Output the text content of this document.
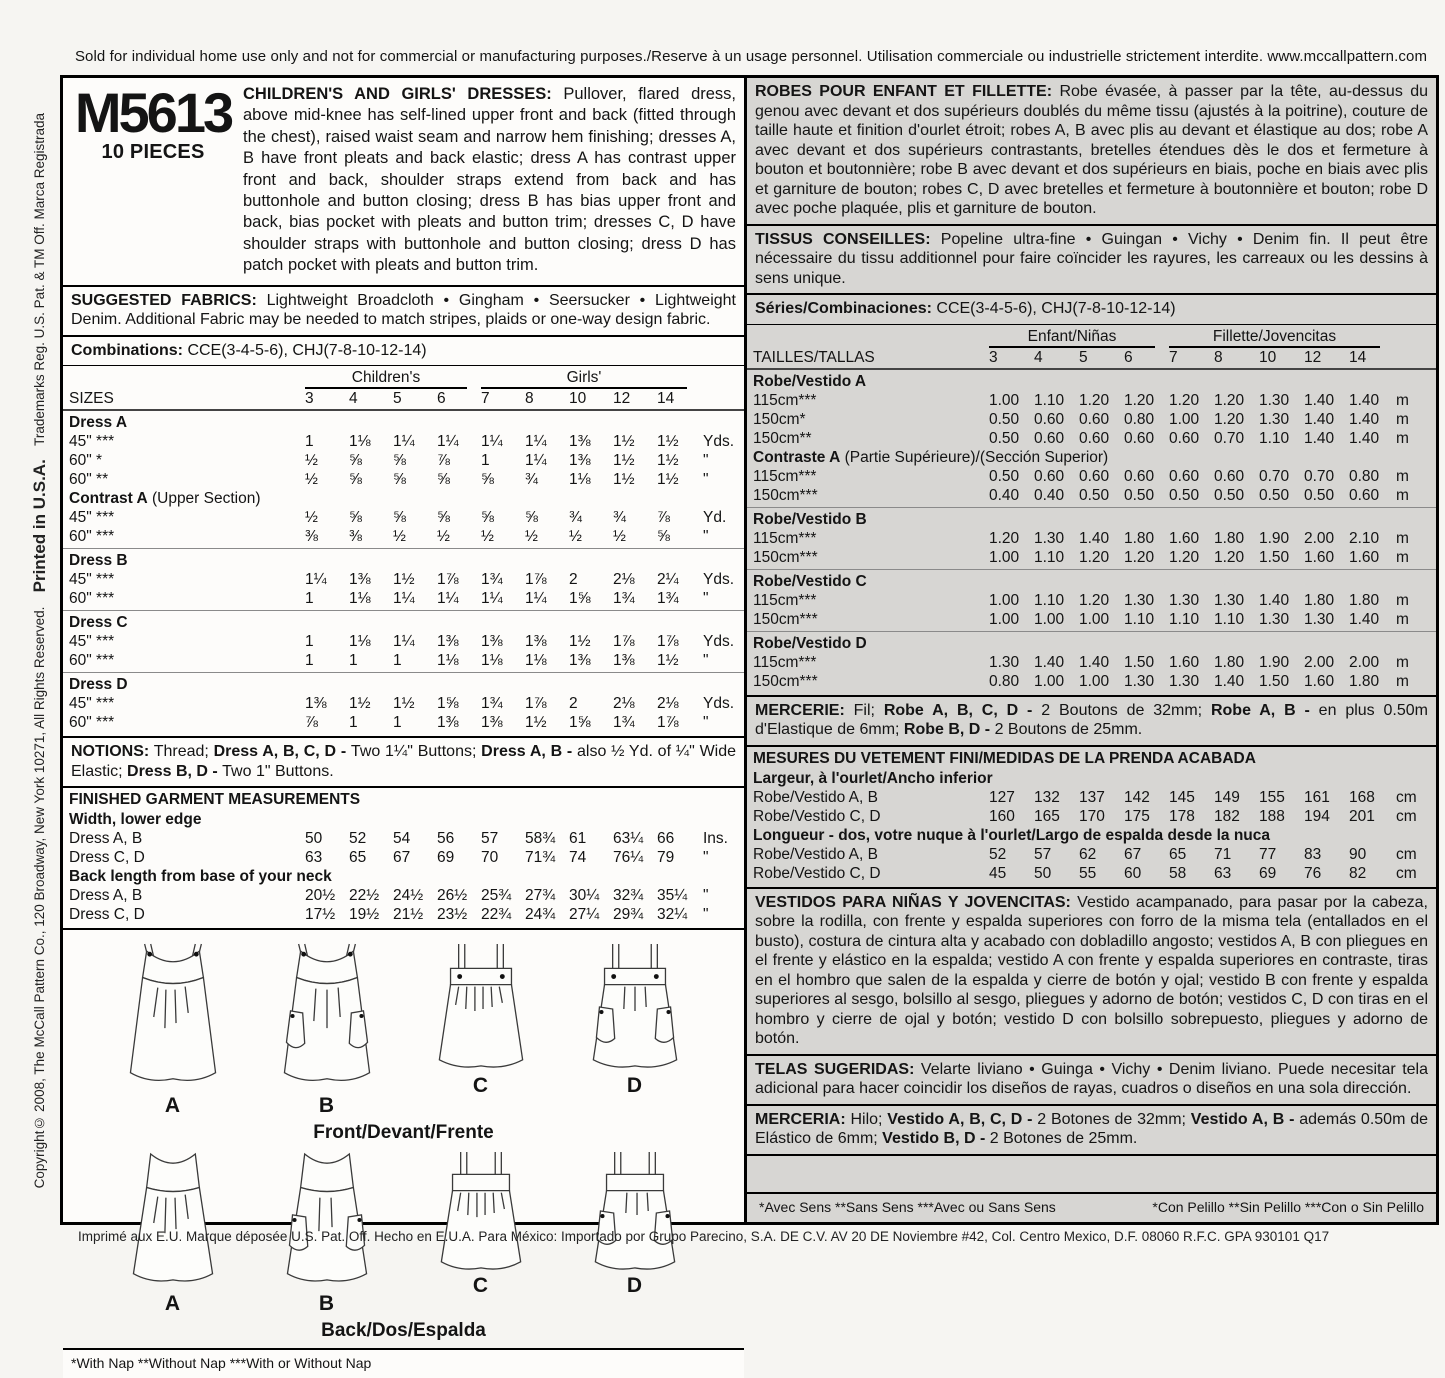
Sold for individual home use only and not for commercial or manufacturing purposes./Reserve à un usage personnel. Utilisation commerciale ou industrielle strictement interdite. www.mccallpattern.com
Copyright© 2008, The McCall Pattern Co., 120 Broadway, New York 10271, All Rights Reserved. Printed in U.S.A. Trademarks Reg. U.S. Pat. & TM Off. Marca Registrada
M5613
10 PIECES
CHILDREN'S AND GIRLS' DRESSES: Pullover, flared dress, above mid-knee has self-lined upper front and back (fitted through the chest), raised waist seam and narrow hem finishing; dresses A, B have front pleats and back elastic; dress A has contrast upper front and back, shoulder straps extend from back and has buttonhole and button closing; dress B has bias upper front and back, bias pocket with pleats and button trim; dresses C, D have shoulder straps with buttonhole and button closing; dress D has patch pocket with pleats and button trim.
SUGGESTED FABRICS: Lightweight Broadcloth • Gingham • Seersucker • Lightweight Denim. Additional Fabric may be needed to match stripes, plaids or one-way design fabric.
Combinations: CCE(3-4-5-6), CHJ(7-8-10-12-14)
Children's	Girls'
SIZES	3	4	5	6	7	8	10	12	14
Dress A
45" ***	1	1⅛	1¼	1¼	1¼	1¼	1⅜	1½	1½	Yds.
60" *	½	⅝	⅝	⅞	1	1¼	1⅜	1½	1½	"
60" **	½	⅝	⅝	⅝	⅝	¾	1⅛	1½	1½	"
Contrast A (Upper Section)
45" ***	½	⅝	⅝	⅝	⅝	⅝	¾	¾	⅞	Yd.
60" ***	⅜	⅜	½	½	½	½	½	½	⅝	"
Dress B
45" ***	1¼	1⅜	1½	1⅞	1¾	1⅞	2	2⅛	2¼	Yds.
60" ***	1	1⅛	1¼	1¼	1¼	1¼	1⅝	1¾	1¾	"
Dress C
45" ***	1	1⅛	1¼	1⅜	1⅜	1⅜	1½	1⅞	1⅞	Yds.
60" ***	1	1	1	1⅛	1⅛	1⅛	1⅜	1⅜	1½	"
Dress D
45" ***	1⅜	1½	1½	1⅝	1¾	1⅞	2	2⅛	2⅛	Yds.
60" ***	⅞	1	1	1⅜	1⅜	1½	1⅝	1¾	1⅞	"
NOTIONS: Thread; Dress A, B, C, D - Two 1¼" Buttons; Dress A, B - also ½ Yd. of ¼" Wide Elastic; Dress B, D - Two 1" Buttons.
FINISHED GARMENT MEASUREMENTS
Width, lower edge
Dress A, B	50	52	54	56	57	58¾ 61	63¼ 66	Ins.
Dress C, D	63	65	67	69	70	71¾ 74	76¼ 79	"
Back length from base of your neck
Dress A, B	20½ 22½ 24½ 26½ 25¾ 27¾ 30¼ 32¾ 35¼	"
Dress C, D	17½ 19½ 21½ 23½ 22¾ 24¾ 27¼ 29¾ 32¼	"
A	B
C	D
Front/Devant/Frente
A	B
C	D
Back/Dos/Espalda
*With Nap **Without Nap ***With or Without Nap
ROBES POUR ENFANT ET FILLETTE: Robe évasée, à passer par la tête, au-dessus du genou avec devant et dos supérieurs doublés du même tissu (ajustés à la poitrine), couture de taille haute et finition d'ourlet étroit; robes A, B avec plis au devant et élastique au dos; robe A avec devant et dos supérieurs contrastants, bretelles étendues dès le dos et fermeture à bouton et boutonnière; robe B avec devant et dos supérieurs en biais, poche en biais avec plis et garniture de bouton; robes C, D avec bretelles et fermeture à boutonnière et bouton; robe D avec poche plaquée, plis et garniture de bouton.
TISSUS CONSEILLES: Popeline ultra-fine • Guingan • Vichy • Denim fin. Il peut être nécessaire du tissu additionnel pour faire coïncider les rayures, les carreaux ou les dessins à sens unique.
Séries/Combinaciones: CCE(3-4-5-6), CHJ(7-8-10-12-14)
Enfant/Niñas	Fillette/Jovencitas
TAILLES/TALLAS	3	4	5	6	7	8	10	12	14
Robe/Vestido A
115cm***	1.00 1.10 1.20 1.20 1.20 1.20 1.30 1.40 1.40	m
150cm*	0.50 0.60 0.60 0.80 1.00 1.20 1.30 1.40 1.40	m
150cm**	0.50 0.60 0.60 0.60 0.60 0.70 1.10 1.40 1.40	m
Contraste A (Partie Supérieure)/(Sección Superior)
115cm***	0.50 0.60 0.60 0.60 0.60 0.60 0.70 0.70 0.80	m
150cm***	0.40 0.40 0.50 0.50 0.50 0.50 0.50 0.50 0.60	m
Robe/Vestido B
115cm***	1.20 1.30 1.40 1.80 1.60 1.80 1.90 2.00 2.10	m
150cm***	1.00 1.10 1.20 1.20 1.20 1.20 1.50 1.60 1.60	m
Robe/Vestido C
115cm***	1.00 1.10 1.20 1.30 1.30 1.30 1.40 1.80 1.80	m
150cm***	1.00 1.00 1.00 1.10 1.10 1.10 1.30 1.30 1.40	m
Robe/Vestido D
115cm***	1.30 1.40 1.40 1.50 1.60 1.80 1.90 2.00 2.00	m
150cm***	0.80 1.00 1.00 1.30 1.30 1.40 1.50 1.60 1.80	m
MERCERIE: Fil; Robe A, B, C, D - 2 Boutons de 32mm; Robe A, B - en plus 0.50m d'Elastique de 6mm; Robe B, D - 2 Boutons de 25mm.
MESURES DU VETEMENT FINI/MEDIDAS DE LA PRENDA ACABADA
Largeur, à l'ourlet/Ancho inferior
Robe/Vestido A, B	127	132	137	142	145	149	155	161	168	cm
Robe/Vestido C, D	160	165	170	175	178	182	188	194	201	cm
Longueur - dos, votre nuque à l'ourlet/Largo de espalda desde la nuca
Robe/Vestido A, B	52	57	62	67	65	71	77	83	90	cm
Robe/Vestido C, D	45	50	55	60	58	63	69	76	82	cm
VESTIDOS PARA NIÑAS Y JOVENCITAS: Vestido acampanado, para pasar por la cabeza, sobre la rodilla, con frente y espalda superiores con forro de la misma tela (entallados en el busto), costura de cintura alta y acabado con dobladillo angosto; vestidos A, B con pliegues en el frente y elástico en la espalda; vestido A con frente y espalda superiores en contraste, tiras en el hombro que salen de la espalda y cierre de botón y ojal; vestido B con frente y espalda superiores al sesgo, bolsillo al sesgo, pliegues y adorno de botón; vestidos C, D con tiras en el hombro y cierre de ojal y botón; vestido D con bolsillo sobrepuesto, pliegues y adorno de botón.
TELAS SUGERIDAS: Velarte liviano • Guinga • Vichy • Denim liviano. Puede necesitar tela adicional para hacer coincidir los diseños de rayas, cuadros o diseños en una sola dirección.
MERCERIA: Hilo; Vestido A, B, C, D - 2 Botones de 32mm; Vestido A, B - además 0.50m de Elástico de 6mm; Vestido B, D - 2 Botones de 25mm.
*Avec Sens **Sans Sens ***Avec ou Sans Sens	*Con Pelillo **Sin Pelillo ***Con o Sin Pelillo
Imprimé aux E.U. Marque déposée U.S. Pat. Off. Hecho en E.U.A. Para México: Importado por Grupo Parecino, S.A. DE C.V. AV 20 DE Noviembre #42, Col. Centro Mexico, D.F. 08060 R.F.C. GPA 930101 Q17
